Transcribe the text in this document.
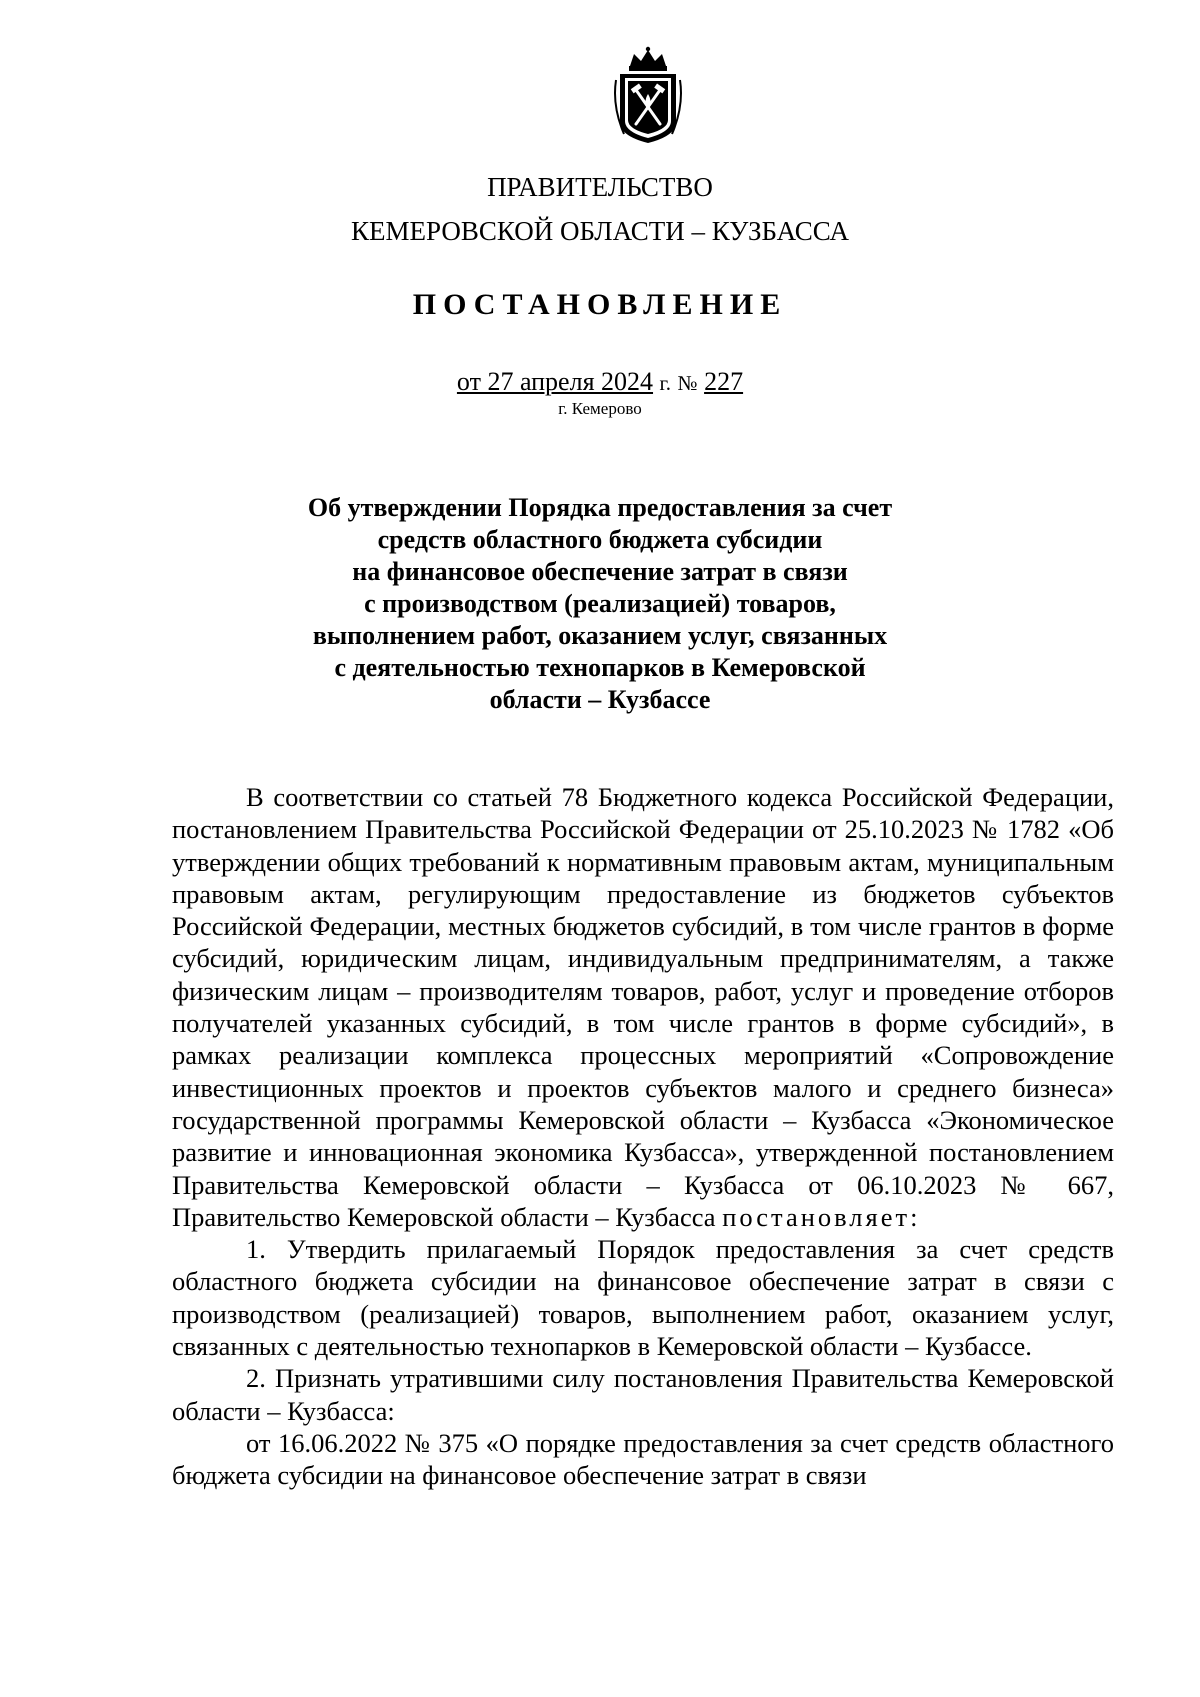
ПРАВИТЕЛЬСТВО
КЕМЕРОВСКОЙ ОБЛАСТИ – КУЗБАССА
ПОСТАНОВЛЕНИЕ
от 27 апреля 2024 г. № 227
г. Кемерово
Об утверждении Порядка предоставления за счет
средств областного бюджета субсидии
на финансовое обеспечение затрат в связи
с производством (реализацией) товаров,
выполнением работ, оказанием услуг, связанных
с деятельностью технопарков в Кемеровской
области – Кузбассе

В соответствии со статьей 78 Бюджетного кодекса Российской Федерации, постановлением Правительства Российской Федерации от 25.10.2023 № 1782 «Об утверждении общих требований к нормативным правовым актам, муниципальным правовым актам, регулирующим предоставление из бюджетов субъектов Российской Федерации, местных бюджетов субсидий, в том числе грантов в форме субсидий, юридическим лицам, индивидуальным предпринимателям, а также физическим лицам – производителям товаров, работ, услуг и проведение отборов получателей указанных субсидий, в том числе грантов в форме субсидий», в рамках реализации комплекса процессных мероприятий «Сопровождение инвестиционных проектов и проектов субъектов малого и среднего бизнеса» государственной программы Кемеровской области – Кузбасса «Экономическое развитие и инновационная экономика Кузбасса», утвержденной постановлением Правительства Кемеровской области – Кузбасса от 06.10.2023 № 667, Правительство Кемеровской области – Кузбасса постановляет:

1. Утвердить прилагаемый Порядок предоставления за счет средств областного бюджета субсидии на финансовое обеспечение затрат в связи с производством (реализацией) товаров, выполнением работ, оказанием услуг, связанных с деятельностью технопарков в Кемеровской области – Кузбассе.

2. Признать утратившими силу постановления Правительства Кемеровской области – Кузбасса:

от 16.06.2022 № 375 «О порядке предоставления за счет средств областного бюджета субсидии на финансовое обеспечение затрат в связи
